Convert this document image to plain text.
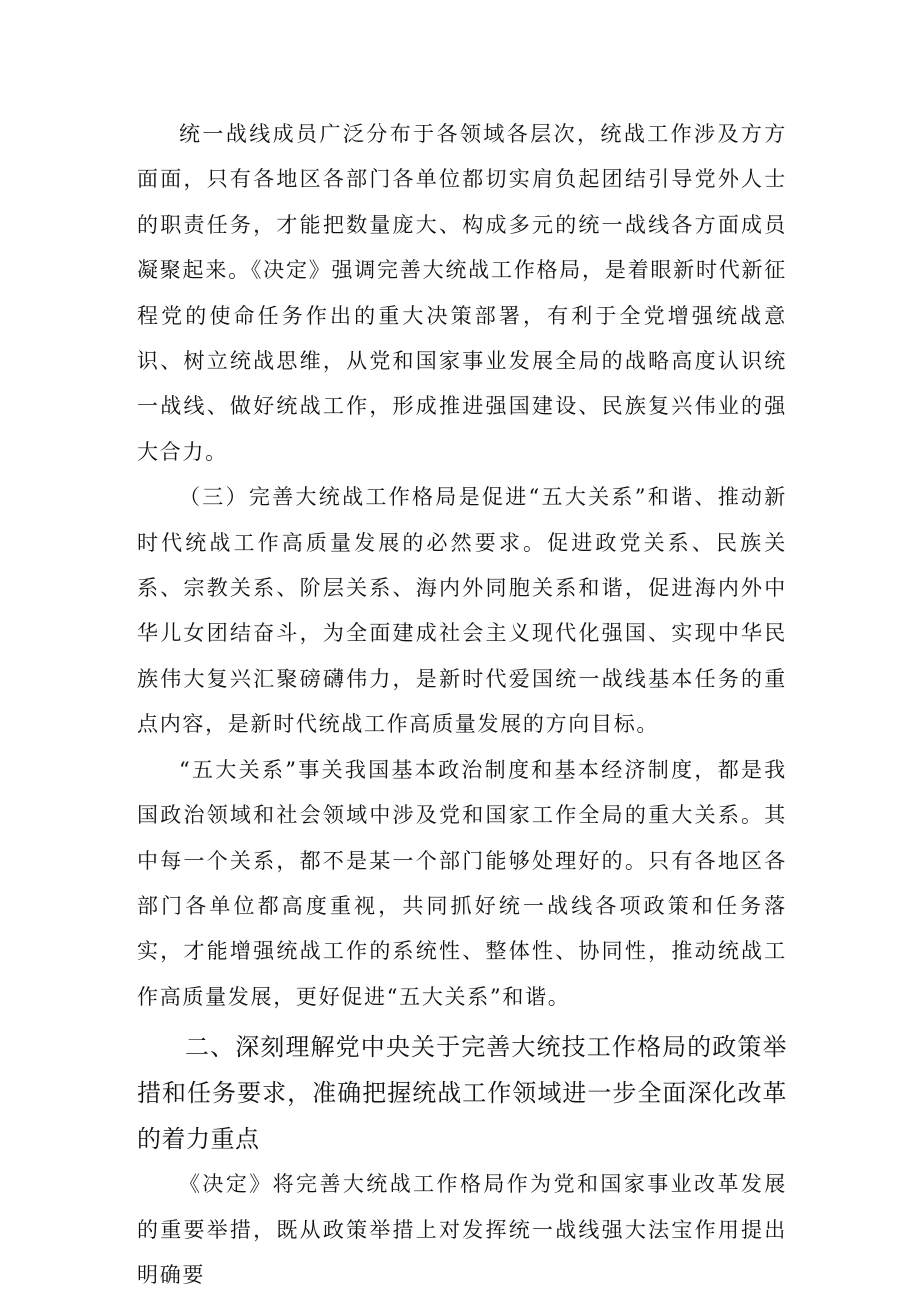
统一战线成员广泛分布于各领域各层次，统战工作涉及方方面面，只有各地区各部门各单位都切实肩负起团结引导党外人士的职责任务，才能把数量庞大、构成多元的统一战线各方面成员凝聚起来。《决定》强调完善大统战工作格局，是着眼新时代新征程党的使命任务作出的重大决策部署，有利于全党增强统战意识、树立统战思维，从党和国家事业发展全局的战略高度认识统一战线、做好统战工作，形成推进强国建设、民族复兴伟业的强大合力。

（三）完善大统战工作格局是促进“五大关系”和谐、推动新时代统战工作高质量发展的必然要求。促进政党关系、民族关系、宗教关系、阶层关系、海内外同胞关系和谐，促进海内外中华儿女团结奋斗，为全面建成社会主义现代化强国、实现中华民族伟大复兴汇聚磅礴伟力，是新时代爱国统一战线基本任务的重点内容，是新时代统战工作高质量发展的方向目标。

“五大关系”事关我国基本政治制度和基本经济制度，都是我国政治领域和社会领域中涉及党和国家工作全局的重大关系。其中每一个关系，都不是某一个部门能够处理好的。只有各地区各部门各单位都高度重视，共同抓好统一战线各项政策和任务落实，才能增强统战工作的系统性、整体性、协同性，推动统战工作高质量发展，更好促进“五大关系”和谐。

二、深刻理解党中央关于完善大统技工作格局的政策举措和任务要求，准确把握统战工作领域进一步全面深化改革的着力重点

《决定》将完善大统战工作格局作为党和国家事业改革发展的重要举措，既从政策举措上对发挥统一战线强大法宝作用提出明确要
